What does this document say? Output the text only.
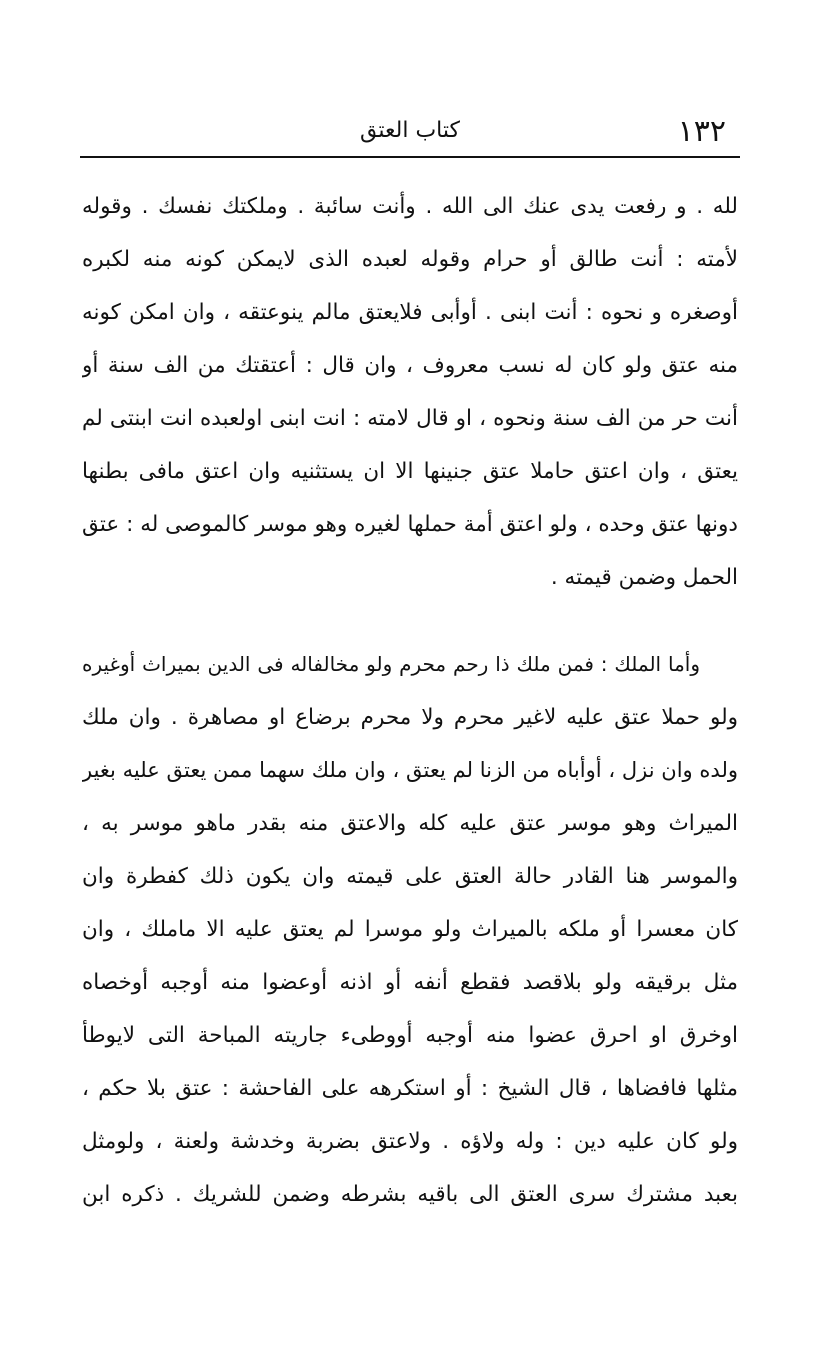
١٣٢
كتاب العتق
لله . و رفعت يدى عنك الى الله . وأنت سائبة . وملكتك نفسك . وقوله
لأمته : أنت طالق أو حرام وقوله لعبده الذى لايمكن كونه منه لكبره
أوصغره و نحوه : أنت ابنى . أوأبى فلايعتق مالم ينوعتقه ، وان امكن كونه
منه عتق ولو كان له نسب معروف ، وان قال : أعتقتك من الف سنة أو
أنت حر من الف سنة ونحوه ، او قال لامته : انت ابنى اولعبده انت ابنتى لم
يعتق ، وان اعتق حاملا عتق جنينها الا ان يستثنيه وان اعتق مافى بطنها
دونها عتق وحده ، ولو اعتق أمة حملها لغيره وهو موسر كالموصى له : عتق
الحمل وضمن قيمته .
وأما الملك : فمن ملك ذا رحم محرم ولو مخالفاله فى الدين بميراث أوغيره
ولو حملا عتق عليه لاغير محرم ولا محرم برضاع او مصاهرة . وان ملك
ولده وان نزل ، أوأباه من الزنا لم يعتق ، وان ملك سهما ممن يعتق عليه بغير
الميراث وهو موسر عتق عليه كله والاعتق منه بقدر ماهو موسر به ،
والموسر هنا القادر حالة العتق على قيمته وان يكون ذلك كفطرة وان
كان معسرا أو ملكه بالميراث ولو موسرا لم يعتق عليه الا ماملك ، وان
مثل برقيقه ولو بلاقصد فقطع أنفه أو اذنه أوعضوا منه أوجبه أوخصاه
اوخرق او احرق عضوا منه أوجبه أووطىء جاريته المباحة التى لايوطأ
مثلها فافضاها ، قال الشيخ : أو استكرهه على الفاحشة : عتق بلا حكم ،
ولو كان عليه دين : وله ولاؤه . ولاعتق بضربة وخدشة ولعنة ، ولومثل
بعبد مشترك سرى العتق الى باقيه بشرطه وضمن للشريك . ذكره ابن
